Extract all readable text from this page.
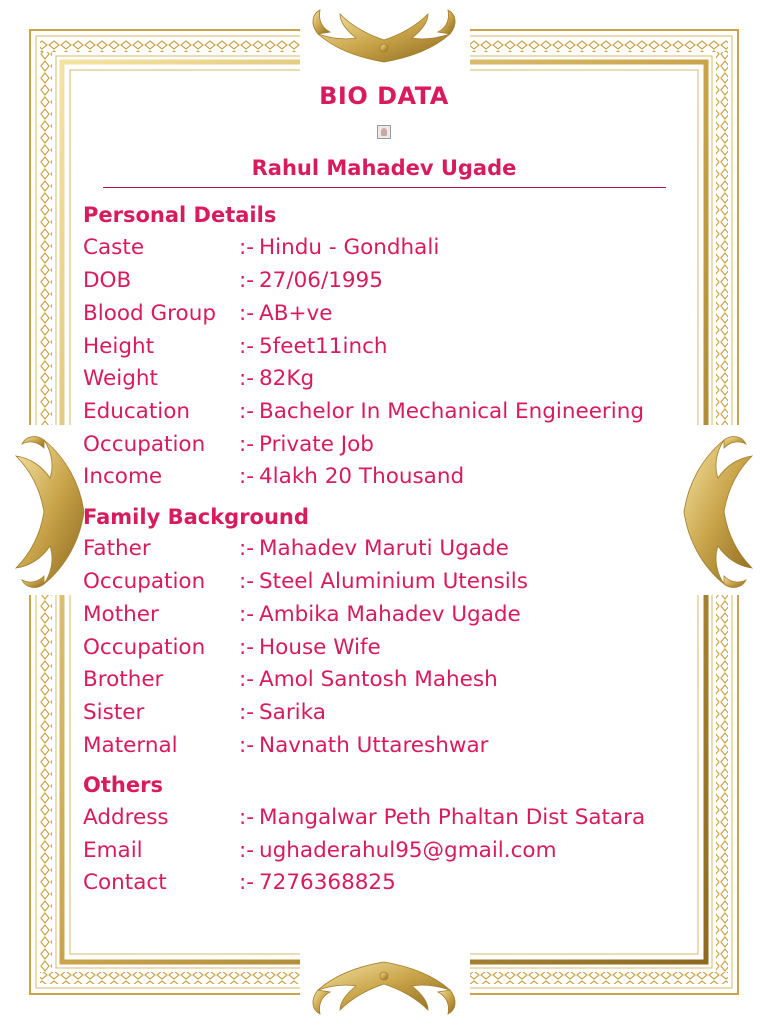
BIO DATA
Rahul Mahadev Ugade
Personal Details
Caste	:- Hindu - Gondhali
DOB	:- 27/06/1995
Blood Group :- AB+ve
Height	:- 5feet11inch
Weight	:- 82Kg
Education :- Bachelor In Mechanical Engineering
Occupation :- Private Job
Income	:- 4lakh 20 Thousand
Family Background
Father	:- Mahadev Maruti Ugade
Occupation :- Steel Aluminium Utensils
Mother	:- Ambika Mahadev Ugade
Occupation :- House Wife
Brother	:- Amol Santosh Mahesh
Sister	:- Sarika
Maternal	:- Navnath Uttareshwar
Others
Address	:- Mangalwar Peth Phaltan Dist Satara
Email	:- ughaderahul95@gmail.com
Contact	:- 7276368825
